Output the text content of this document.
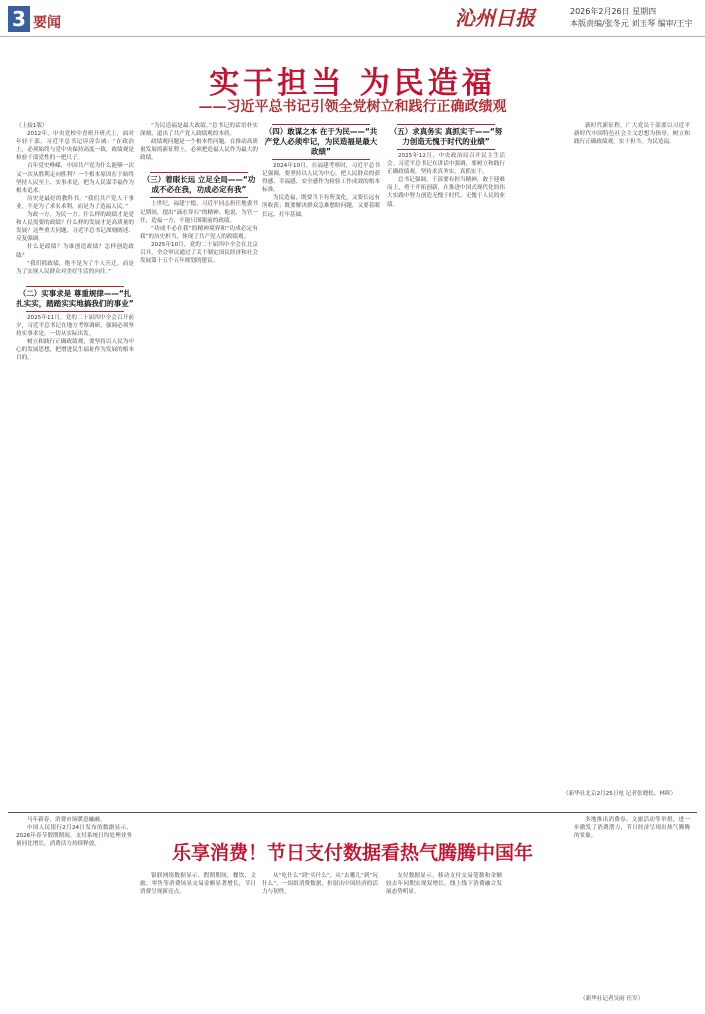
3 要闻	沁州日报	2026年2月26日 星期四
本版责编/张冬元 刘玉琴 编审/王宇
实干担当 为民造福
——习近平总书记引领全党树立和践行正确政绩观

（上接1版）

2012年，中央党校中青班开班式上，面对年轻干部，习近平总书记谆谆告诫：“在政治上，必须始终与党中央保持高度一致，政绩观是检验干部党性的一把尺子。

百年党史峥嵘，中国共产党为什么能够一次又一次从胜利走向胜利？一个根本原因在于始终坚持人民至上、实事求是，把为人民谋幸福作为根本追求。

历史是最好的教科书。“我们共产党人干事业，不是为了求名求利，而是为了造福人民。”

为政一方，为民一方。什么样的政绩才是党和人民需要的政绩？什么样的发展才是高质量的发展？这些重大问题，习近平总书记深刻阐述、反复强调。

什么是政绩？为谁创造政绩？怎样创造政绩？

“我们抓政绩，绝不是为了个人升迁，而是为了实现人民群众对美好生活的向往。”

（二）实事求是 尊重规律——“扎扎实实，踏踏实实地搞我们的事业”

2025年11月，党的二十届四中全会召开前夕，习近平总书记在地方考察调研，强调必须坚持实事求是，一切从实际出发。

树立和践行正确政绩观，要坚持以人民为中心的发展思想，把增进民生福祉作为发展的根本目的。

“为民造福是最大政绩。”总书记的话语朴实深刻，道出了共产党人政绩观的本质。

政绩观问题是一个根本性问题。在推动高质量发展的新征程上，必须把造福人民作为最大的政绩。

（三）着眼长远 立足全局——“功成不必在我，功成必定有我”

上世纪，福建宁德，习近平同志担任地委书记期间，提出“滴水穿石”的精神。他说，为官一任，造福一方，不能只图眼前的政绩。

“功成不必在我”的精神境界和“功成必定有我”的历史担当，体现了共产党人的政绩观。

2025年10月，党的二十届四中全会在北京召开。全会审议通过了关于制定国民经济和社会发展第十五个五年规划的建议。

（四）敢谋之本 在于为民——“共产党人必须牢记，为民造福是最大政绩”

2024年10月，在福建考察时，习近平总书记强调，要坚持以人民为中心，把人民群众的获得感、幸福感、安全感作为检验工作成效的根本标准。

为民造福，既要当下有所变化，又要长远有所收获；既要解决群众急难愁盼问题，又要着眼长远、打牢基础。

（五）求真务实 真抓实干——“努力创造无愧于时代的业绩”

2025年12月，中央政治局召开民主生活会。习近平总书记在讲话中强调，要树立和践行正确政绩观，坚持求真务实，真抓实干。

总书记强调，干部要有担当精神，敢于迎难而上，勇于开拓创新，在推进中国式现代化的伟大实践中努力创造无愧于时代、无愧于人民的业绩。

新时代新征程，广大党员干部要以习近平新时代中国特色社会主义思想为指导，树立和践行正确政绩观，实干担当，为民造福。

（新华社北京2月25日电 记者张晓松、林晖）

马年新春，消费市场暖意融融。

中国人民银行2月24日发布的数据显示，2026年春节假期期间，支付系统日均处理业务量同比增长，消费活力持续释放。	乐享消费！节日支付数据看热气腾腾中国年

银联网络数据显示，假期期间，餐饮、文旅、零售等消费场景交易金额显著增长，节日消费呈现新亮点。

从“吃什么”到“买什么”，从“去哪儿”到“玩什么”，一组组消费数据，折射出中国经济的活力与韧性。

支付数据显示，移动支付交易笔数和金额较去年同期实现双增长，线上线下消费融合发展态势明显。

多地推出消费券、文旅活动等举措，进一步激发了消费潜力，节日经济呈现出热气腾腾的景象。

（新华社记者吴雨 任军）
